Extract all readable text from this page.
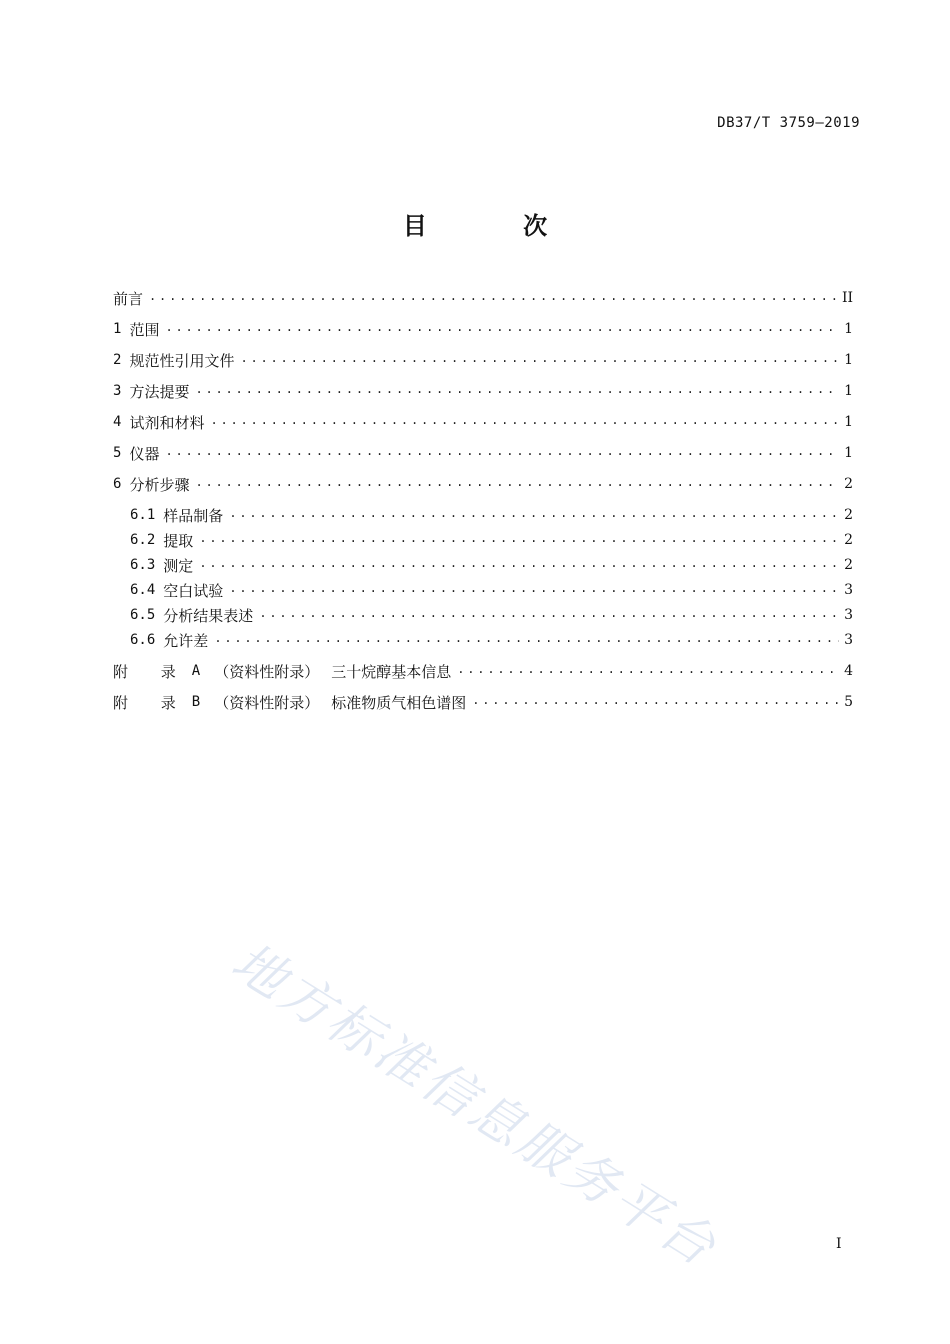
DB37/T 3759—2019
目 次
前言 .....	II
1 范围 .....	1
2 规范性引用文件 .....	1
3 方法提要 .....	1
4 试剂和材料 .....	1
5 仪器 .....	1
6 分析步骤 .....	2
6.1 样品制备 .....	2
6.2 提取 .....	2
6.3 测定 .....	2
6.4 空白试验 .....	3
6.5 分析结果表述 .....	3
6.6 允许差 .....	3
附 录 A （资料性附录） 三十烷醇基本信息 .....	4
附 录 B （资料性附录） 标准物质气相色谱图 .....	5
地方标准信息服务平台	I
